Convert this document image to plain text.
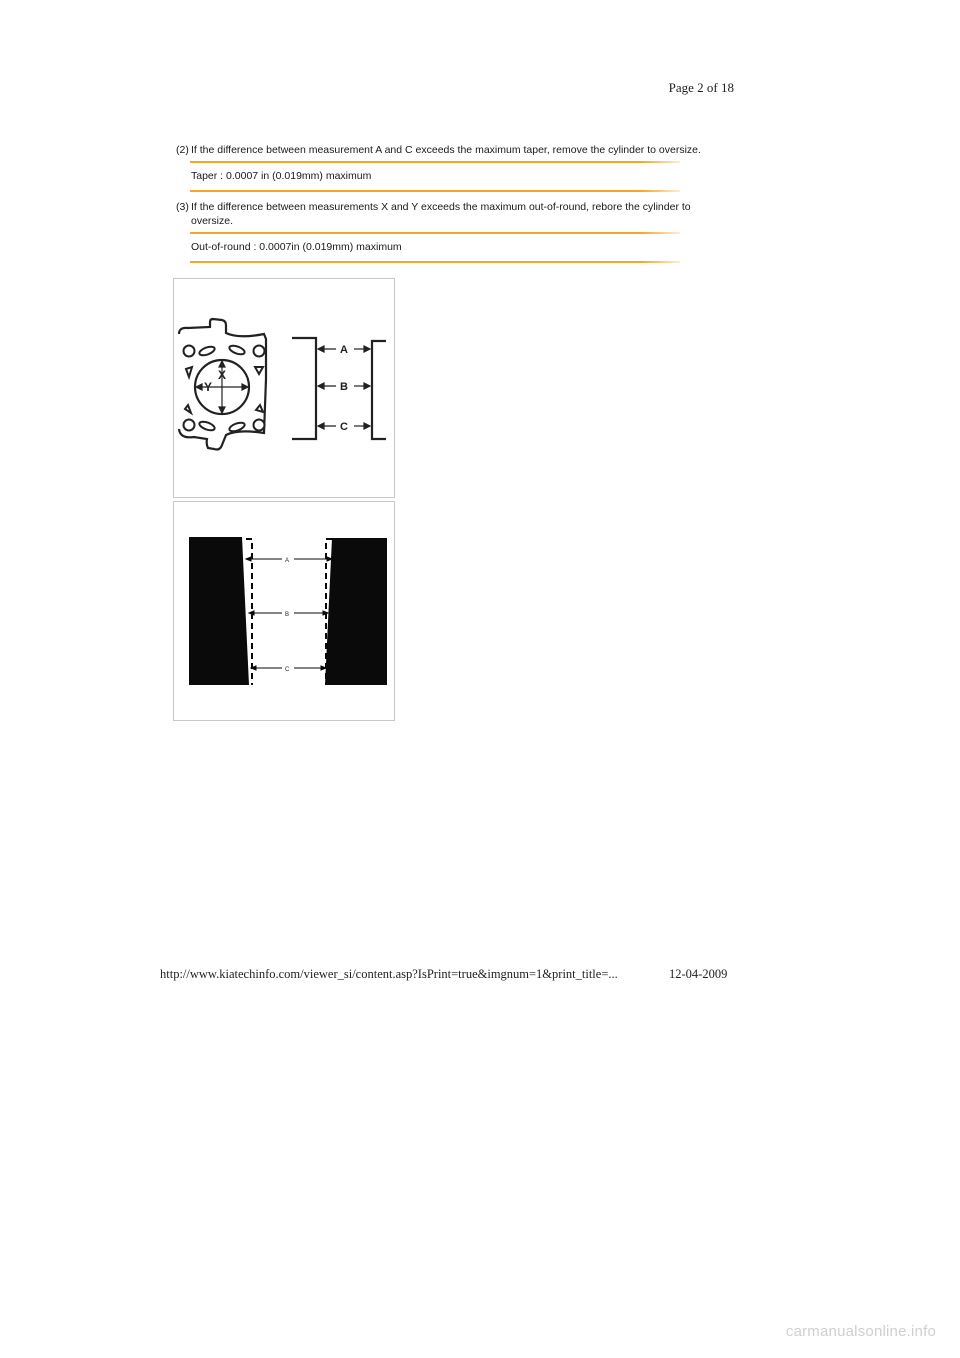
Page 2 of 18

(2) If the difference between measurement A and C exceeds the maximum taper, remove the cylinder to oversize.

Taper : 0.0007 in (0.019mm) maximum

(3) If the difference between measurements X and Y exceeds the maximum out-of-round, rebore the cylinder to oversize.

Out-of-round : 0.0007in (0.019mm) maximum
X
Y
A
B
C
A
B
C
http://www.kiatechinfo.com/viewer_si/content.asp?IsPrint=true&imgnum=1&print_title=...	12-04-2009
carmanualsonline.info
